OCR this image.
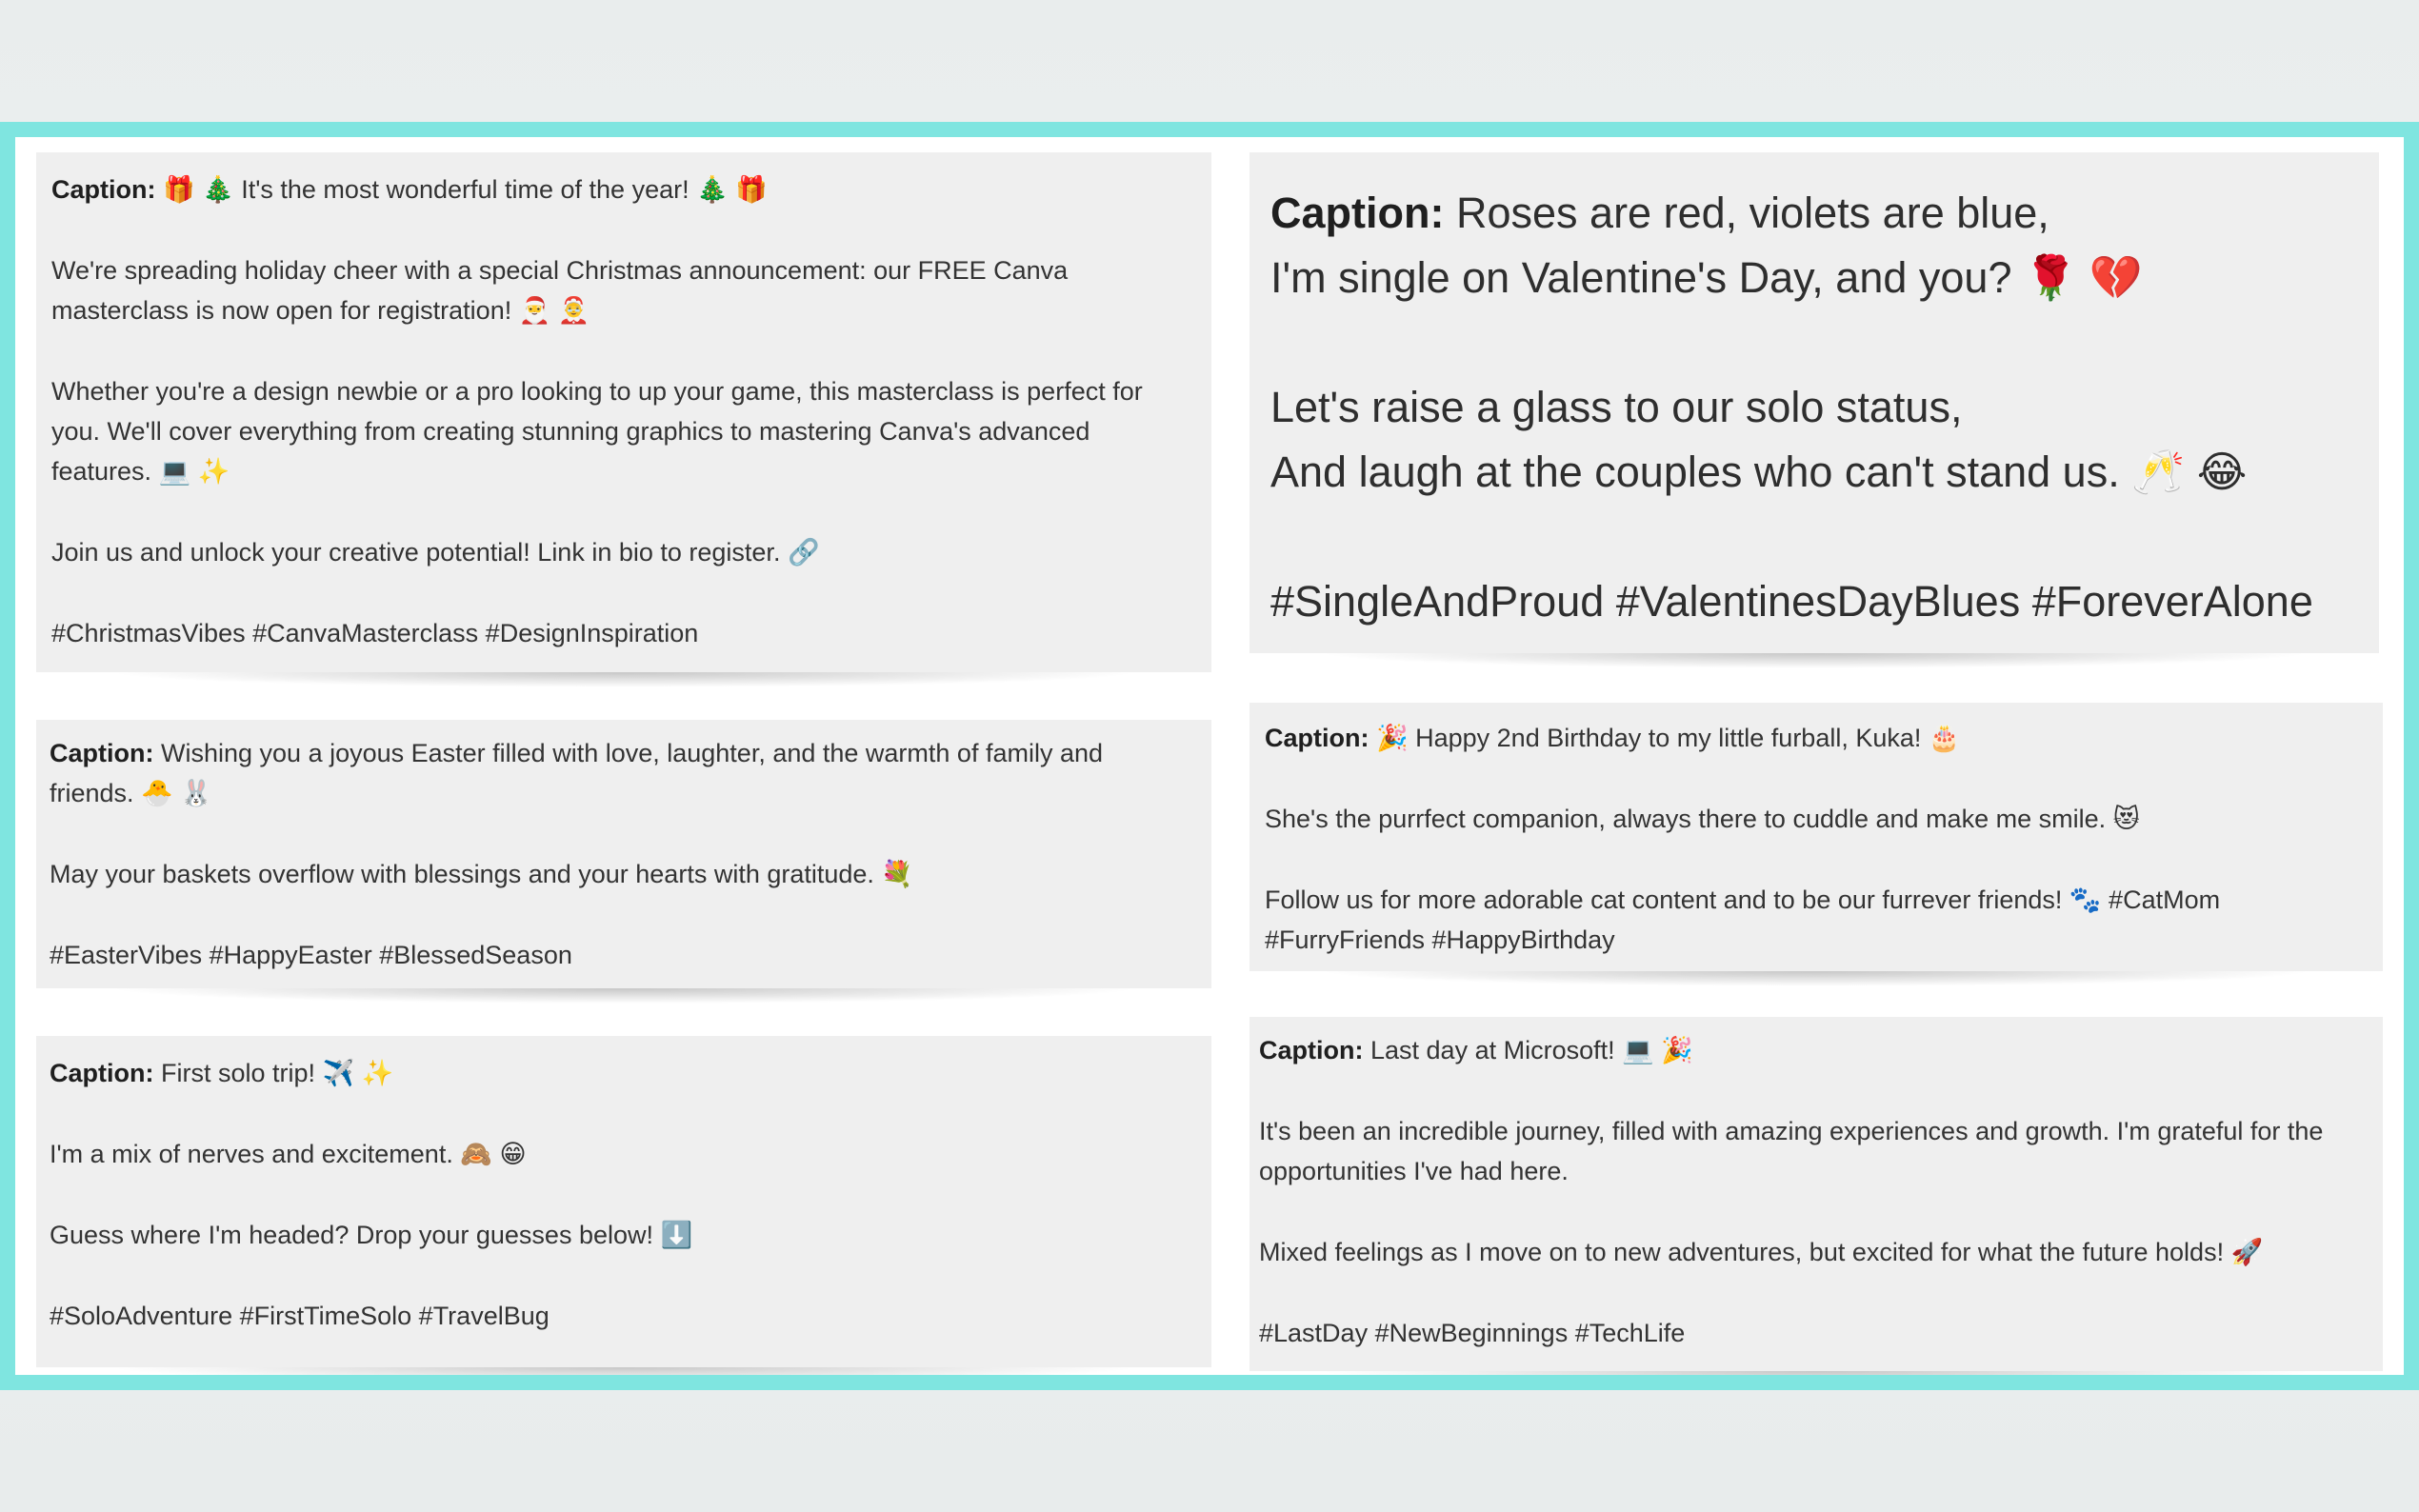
Caption: 🎁 🎄 It's the most wonderful time of the year! 🎄 🎁

We're spreading holiday cheer with a special Christmas announcement: our FREE Canva masterclass is now open for registration! 🎅 🤶

Whether you're a design newbie or a pro looking to up your game, this masterclass is perfect for you. We'll cover everything from creating stunning graphics to mastering Canva's advanced features. 💻 ✨

Join us and unlock your creative potential! Link in bio to register. 🔗

#ChristmasVibes #CanvaMasterclass #DesignInspiration

Caption: Wishing you a joyous Easter filled with love, laughter, and the warmth of family and friends. 🐣 🐰

May your baskets overflow with blessings and your hearts with gratitude. 💐

#EasterVibes #HappyEaster #BlessedSeason

Caption: First solo trip! ✈️ ✨

I'm a mix of nerves and excitement. 🙈 😁

Guess where I'm headed? Drop your guesses below! ⬇️

#SoloAdventure #FirstTimeSolo #TravelBug

Caption: Roses are red, violets are blue,
I'm single on Valentine's Day, and you? 🌹 💔

Let's raise a glass to our solo status,
And laugh at the couples who can't stand us. 🥂 😂

#SingleAndProud #ValentinesDayBlues #ForeverAlone

Caption: 🎉 Happy 2nd Birthday to my little furball, Kuka! 🎂

She's the purrfect companion, always there to cuddle and make me smile. 😻

Follow us for more adorable cat content and to be our furrever friends! 🐾 #CatMom #FurryFriends #HappyBirthday

Caption: Last day at Microsoft! 💻 🎉

It's been an incredible journey, filled with amazing experiences and growth. I'm grateful for the opportunities I've had here.

Mixed feelings as I move on to new adventures, but excited for what the future holds! 🚀

#LastDay #NewBeginnings #TechLife
